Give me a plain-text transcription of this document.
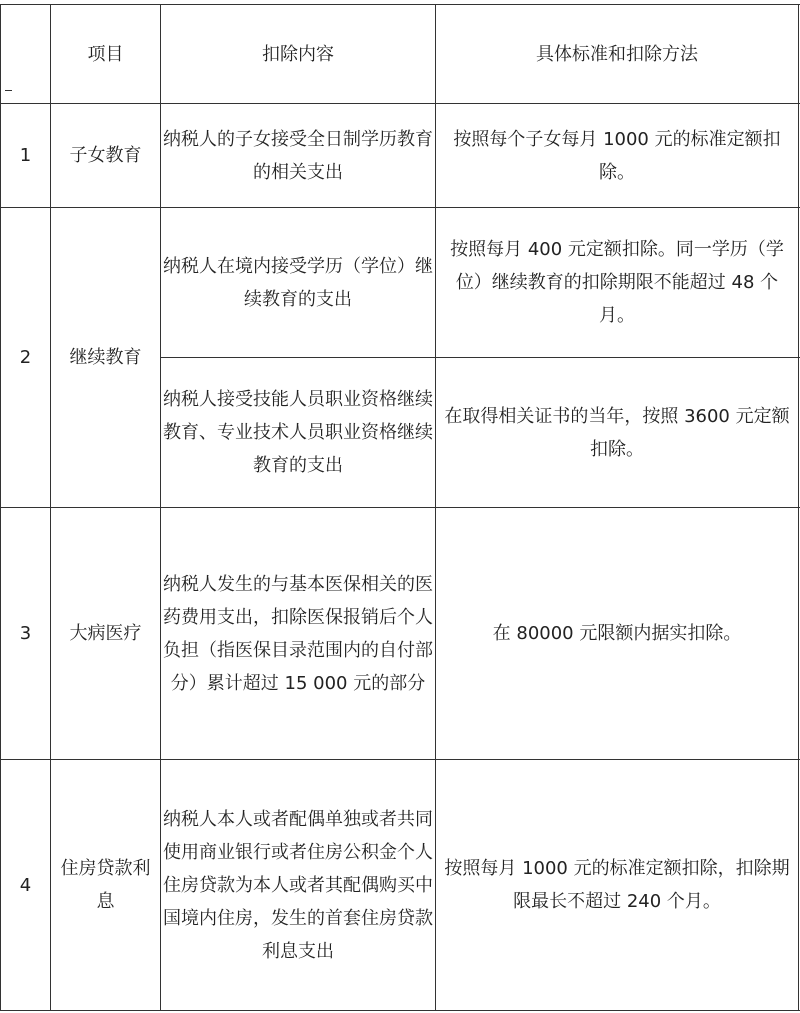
项目	扣除内容	具体标准和扣除方法
1 子女教育
纳税人的子女接受全日制学历教育的相关支出
按照每个子女每月 1000 元的标准定额扣除。
2 继续教育
纳税人在境内接受学历（学位）继续教育的支出
按照每月 400 元定额扣除。同一学历（学位）继续教育的扣除期限不能超过 48 个月。
纳税人接受技能人员职业资格继续教育、专业技术人员职业资格继续教育的支出
在取得相关证书的当年，按照 3600 元定额扣除。
3 大病医疗
纳税人发生的与基本医保相关的医药费用支出，扣除医保报销后个人负担（指医保目录范围内的自付部分）累计超过 15 000 元的部分
在 80000 元限额内据实扣除。
4
住房贷款利息
纳税人本人或者配偶单独或者共同使用商业银行或者住房公积金个人住房贷款为本人或者其配偶购买中国境内住房，发生的首套住房贷款利息支出
按照每月 1000 元的标准定额扣除，扣除期限最长不超过 240 个月。
